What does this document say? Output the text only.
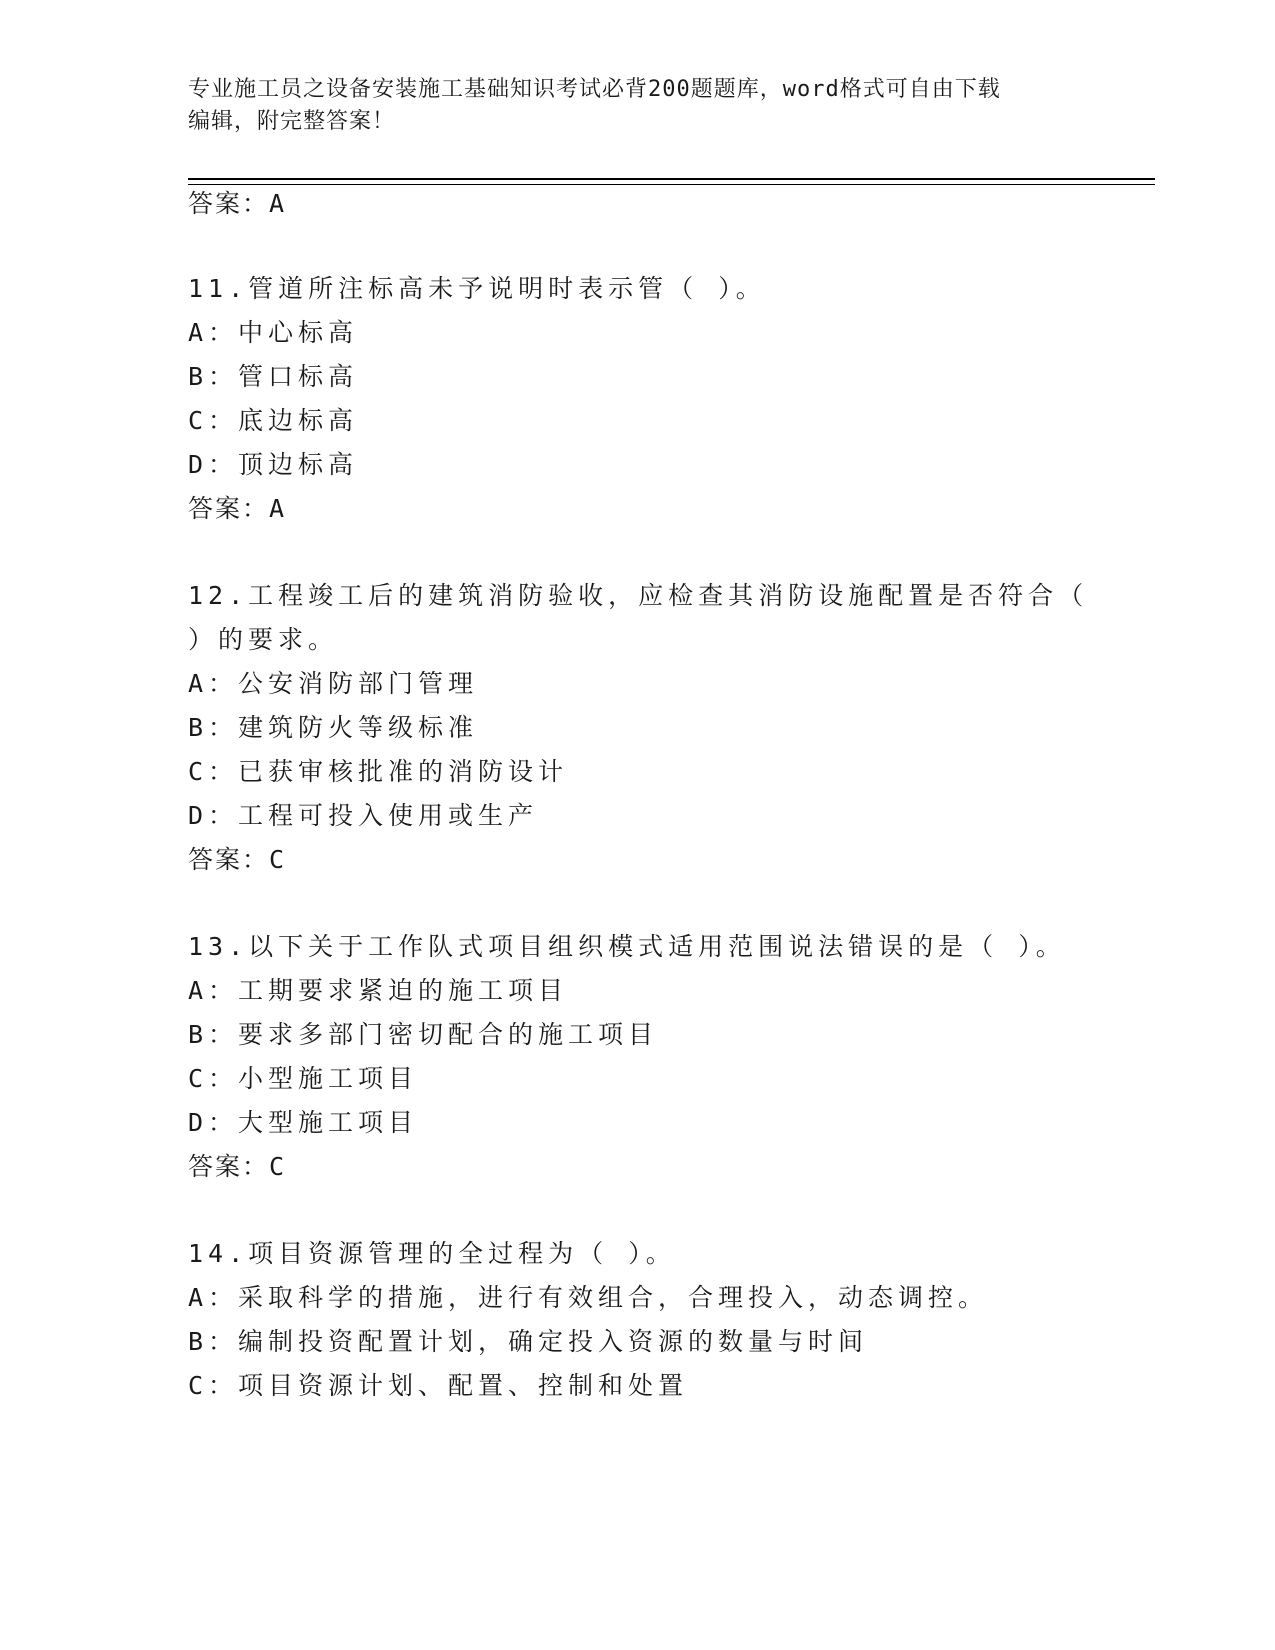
专业施工员之设备安装施工基础知识考试必背200题题库，word格式可自由下载
编辑，附完整答案！
答案：A
11.管道所注标高未予说明时表示管（ ）。
A：中心标高
B：管口标高
C：底边标高
D：顶边标高
答案：A
12.工程竣工后的建筑消防验收，应检查其消防设施配置是否符合（
）的要求。
A：公安消防部门管理
B：建筑防火等级标准
C：已获审核批准的消防设计
D：工程可投入使用或生产
答案：C
13.以下关于工作队式项目组织模式适用范围说法错误的是（ ）。
A：工期要求紧迫的施工项目
B：要求多部门密切配合的施工项目
C：小型施工项目
D：大型施工项目
答案：C
14.项目资源管理的全过程为（ ）。
A：采取科学的措施，进行有效组合，合理投入，动态调控。
B：编制投资配置计划，确定投入资源的数量与时间
C：项目资源计划、配置、控制和处置
